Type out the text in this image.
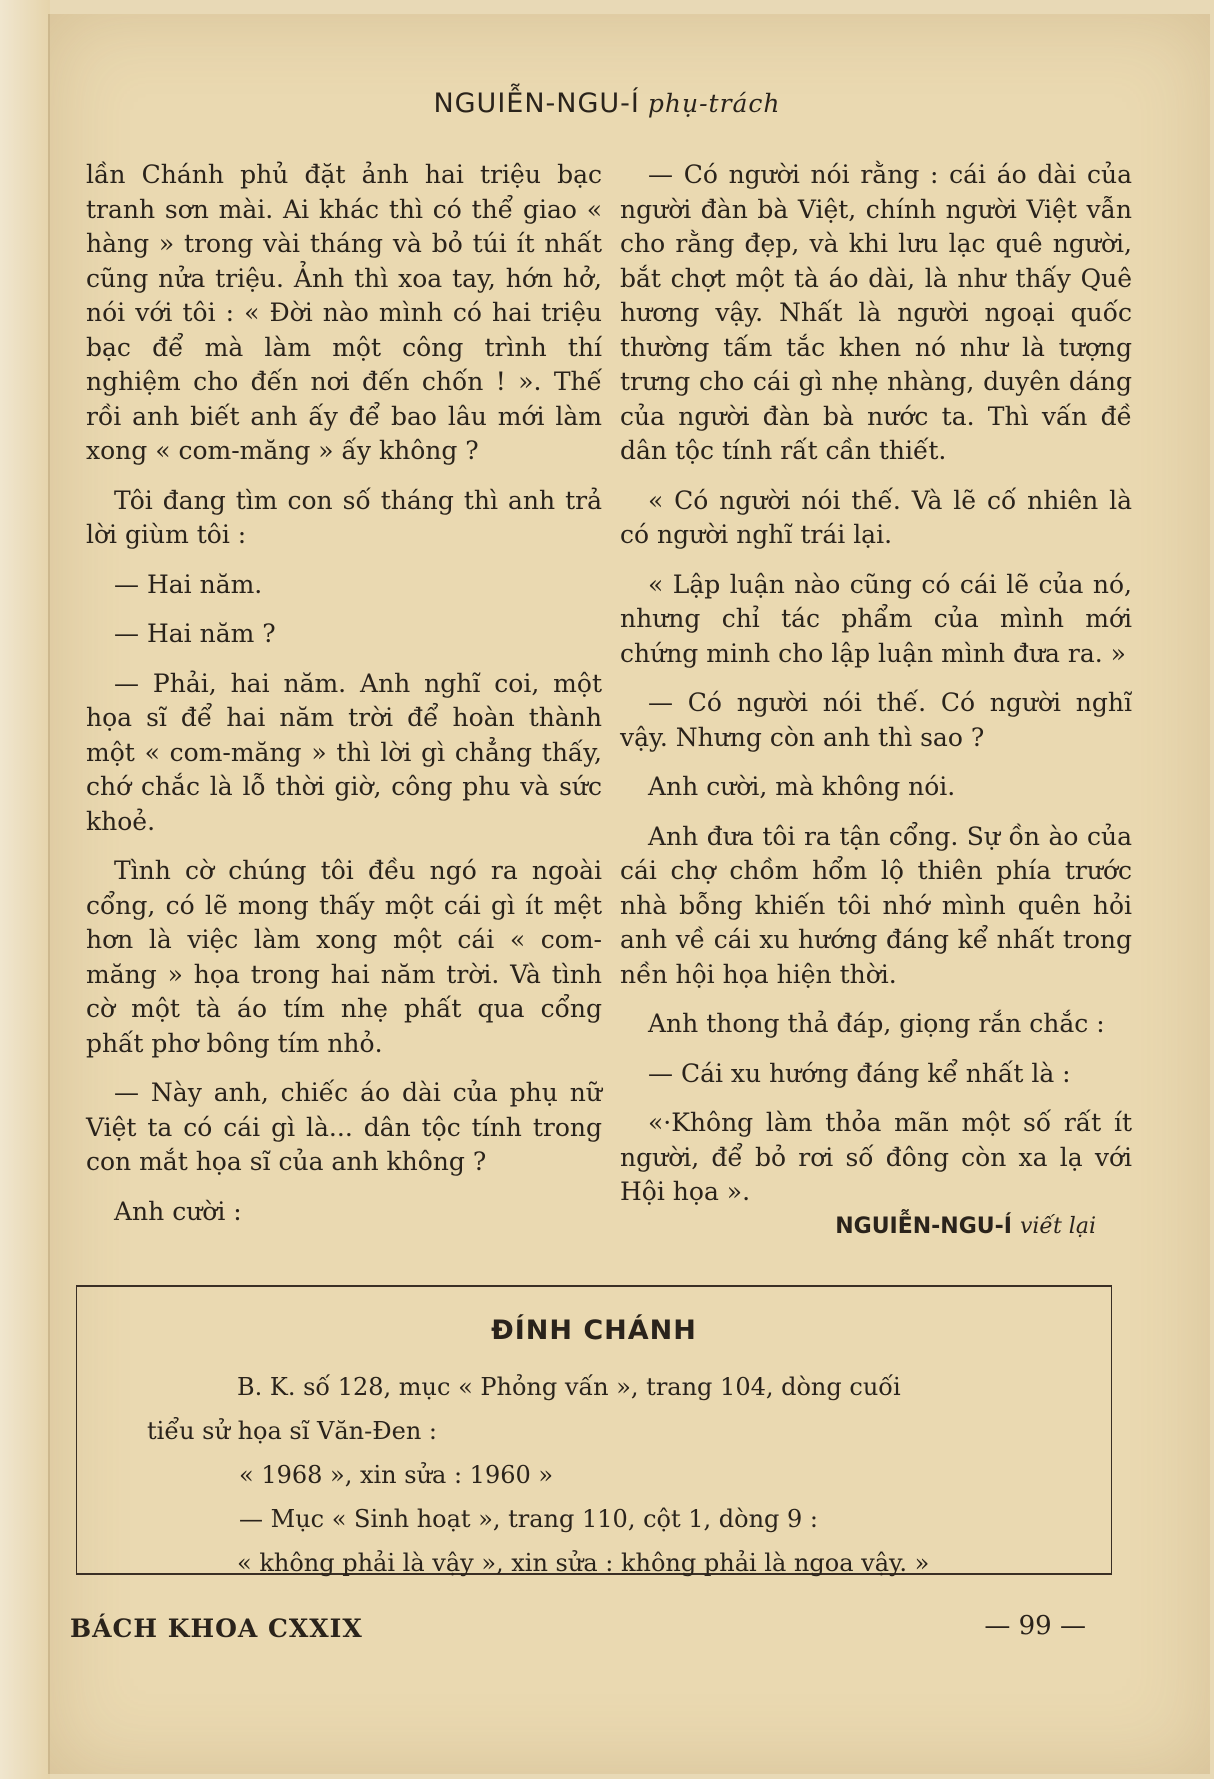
NGUIỄN-NGU-Í phụ-trách

lần Chánh phủ đặt ảnh hai triệu bạc tranh sơn mài. Ai khác thì có thể giao « hàng » trong vài tháng và bỏ túi ít nhất cũng nửa triệu. Ảnh thì xoa tay, hớn hở, nói với tôi : « Đời nào mình có hai triệu bạc để mà làm một công trình thí nghiệm cho đến nơi đến chốn ! ». Thế rồi anh biết anh ấy để bao lâu mới làm xong « com-măng » ấy không ?

Tôi đang tìm con số tháng thì anh trả lời giùm tôi :

— Hai năm.

— Hai năm ?

— Phải, hai năm. Anh nghĩ coi, một họa sĩ để hai năm trời để hoàn thành một « com-măng » thì lời gì chẳng thấy, chớ chắc là lỗ thời giờ, công phu và sức khoẻ.

Tình cờ chúng tôi đều ngó ra ngoài cổng, có lẽ mong thấy một cái gì ít mệt hơn là việc làm xong một cái « com-măng » họa trong hai năm trời. Và tình cờ một tà áo tím nhẹ phất qua cổng phất phơ bông tím nhỏ.

— Này anh, chiếc áo dài của phụ nữ Việt ta có cái gì là... dân tộc tính trong con mắt họa sĩ của anh không ?

Anh cười :

— Có người nói rằng : cái áo dài của người đàn bà Việt, chính người Việt vẫn cho rằng đẹp, và khi lưu lạc quê người, bắt chợt một tà áo dài, là như thấy Quê hương vậy. Nhất là người ngoại quốc thường tấm tắc khen nó như là tượng trưng cho cái gì nhẹ nhàng, duyên dáng của người đàn bà nước ta. Thì vấn đề dân tộc tính rất cần thiết.

« Có người nói thế. Và lẽ cố nhiên là có người nghĩ trái lại.

« Lập luận nào cũng có cái lẽ của nó, nhưng chỉ tác phẩm của mình mới chứng minh cho lập luận mình đưa ra. »

— Có người nói thế. Có người nghĩ vậy. Nhưng còn anh thì sao ?

Anh cười, mà không nói.

Anh đưa tôi ra tận cổng. Sự ồn ào của cái chợ chồm hổm lộ thiên phía trước nhà bỗng khiến tôi nhớ mình quên hỏi anh về cái xu hướng đáng kể nhất trong nền hội họa hiện thời.

Anh thong thả đáp, giọng rắn chắc :

— Cái xu hướng đáng kể nhất là :

«·Không làm thỏa mãn một số rất ít người, để bỏ rơi số đông còn xa lạ với Hội họa ».

NGUIỄN-NGU-Í viết lại
ĐÍNH CHÁNH
B. K. số 128, mục « Phỏng vấn », trang 104, dòng cuối
tiểu sử họa sĩ Văn-Đen :
« 1968 », xin sửa : 1960 »
— Mục « Sinh hoạt », trang 110, cột 1, dòng 9 :
« không phải là vậy », xin sửa : không phải là ngoa vậy. »
BÁCH KHOA CXXIX	— 99 —
